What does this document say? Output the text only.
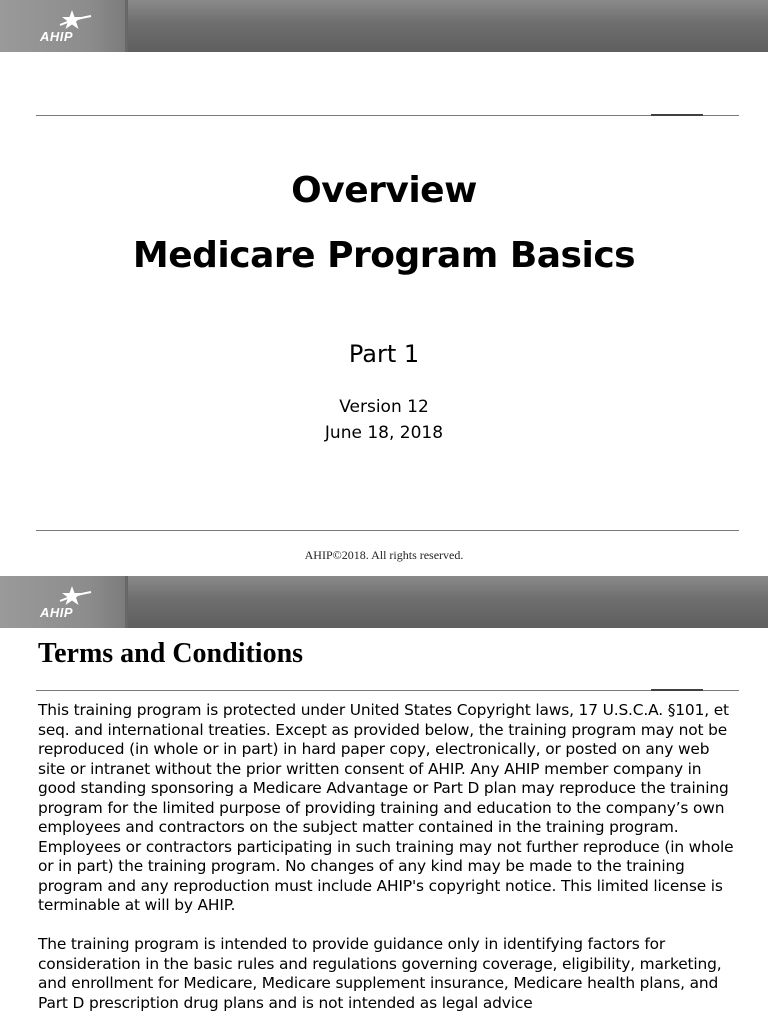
AHIP
Overview
Medicare Program Basics
Part 1
Version 12
June 18, 2018
AHIP©2018. All rights reserved.
AHIP
Terms and Conditions

This training program is protected under United States Copyright laws, 17 U.S.C.A. §101, et seq. and international treaties. Except as provided below, the training program may not be reproduced (in whole or in part) in hard paper copy, electronically, or posted on any web site or intranet without the prior written consent of AHIP. Any AHIP member company in good standing sponsoring a Medicare Advantage or Part D plan may reproduce the training program for the limited purpose of providing training and education to the company’s own employees and contractors on the subject matter contained in the training program. Employees or contractors participating in such training may not further reproduce (in whole or in part) the training program. No changes of any kind may be made to the training program and any reproduction must include AHIP's copyright notice. This limited license is terminable at will by AHIP.

The training program is intended to provide guidance only in identifying factors for consideration in the basic rules and regulations governing coverage, eligibility, marketing, and enrollment for Medicare, Medicare supplement insurance, Medicare health plans, and Part D prescription drug plans and is not intended as legal advice
